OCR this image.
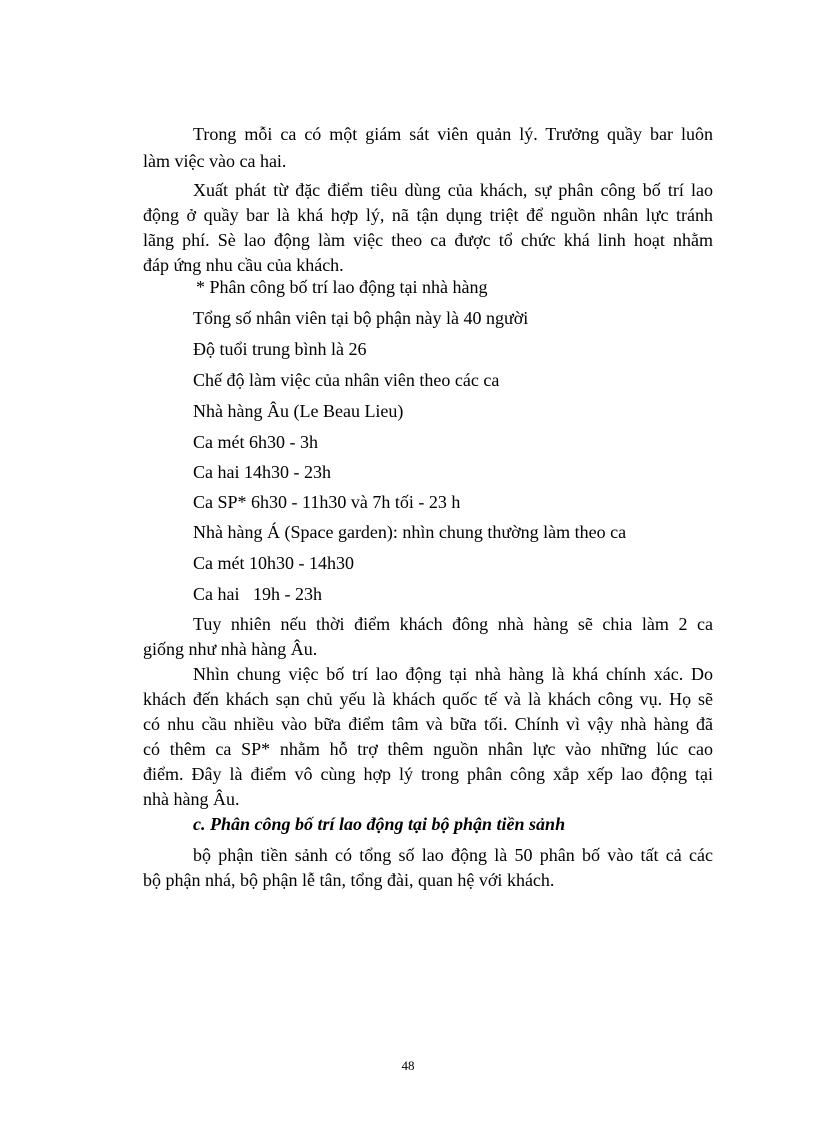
Trong mỗi ca có một giám sát viên quản lý. Trưởng quầy bar luôn

làm việc vào ca hai.

Xuất phát từ đặc điểm tiêu dùng của khách, sự phân công bố trí lao

động ở quầy bar là khá hợp lý, nã tận dụng triệt để nguồn nhân lực tránh

lãng phí. Sè lao động làm việc theo ca được tổ chức khá linh hoạt nhằm

đáp ứng nhu cầu của khách.

* Phân công bố trí lao động tại nhà hàng

Tổng số nhân viên tại bộ phận này là 40 người

Độ tuổi trung bình là 26

Chế độ làm việc của nhân viên theo các ca

Nhà hàng Âu (Le Beau Lieu)

Ca mét 6h30 - 3h

Ca hai 14h30 - 23h

Ca SP* 6h30 - 11h30 và 7h tối - 23 h

Nhà hàng Á (Space garden): nhìn chung thường làm theo ca

Ca mét 10h30 - 14h30

Ca hai   19h - 23h

Tuy nhiên nếu thời điểm khách đông nhà hàng sẽ chia làm 2 ca

giống như nhà hàng Âu.

Nhìn chung việc bố trí lao động tại nhà hàng là khá chính xác. Do

khách đến khách sạn chủ yếu là khách quốc tế và là khách công vụ. Họ sẽ

có nhu cầu nhiều vào bữa điểm tâm và bữa tối. Chính vì vậy nhà hàng đã

có thêm ca SP* nhằm hỗ trợ thêm nguồn nhân lực vào những lúc cao

điểm. Đây là điểm vô cùng hợp lý trong phân công xắp xếp lao động tại

nhà hàng Âu.

c. Phân công bố trí lao động tại bộ phận tiền sảnh

bộ phận tiền sảnh có tổng số lao động là 50 phân bố vào tất cả các

bộ phận nhá, bộ phận lễ tân, tổng đài, quan hệ với khách.

48
